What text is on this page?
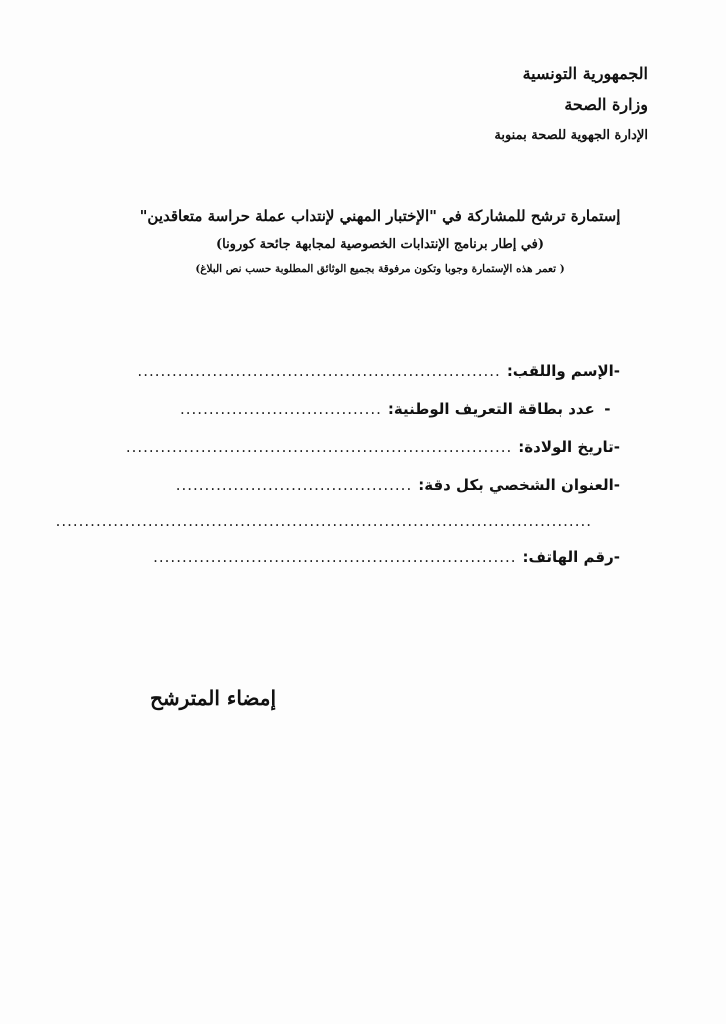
الجمهورية التونسية
وزارة الصحة
الإدارة الجهوية للصحة بمنوبة
إستمارة ترشح للمشاركة في "الإختبار المهني لإنتداب عملة حراسة متعاقدين"
(في إطار برنامج الإنتدابات الخصوصية لمجابهة جائحة كورونا)
( تعمر هذه الإستمارة وجوبا وتكون مرفوقة بجميع الوثائق المطلوبة حسب نص البلاغ)
-
الإسم واللقب:
...............................................................
-
عدد بطاقة التعريف الوطنية:
...................................
-
تاريخ الولادة:
...................................................................
-
العنوان الشخصي بكل دقة:
.........................................
.............................................................................................
-
رقم الهاتف:
...............................................................
إمضاء المترشح
